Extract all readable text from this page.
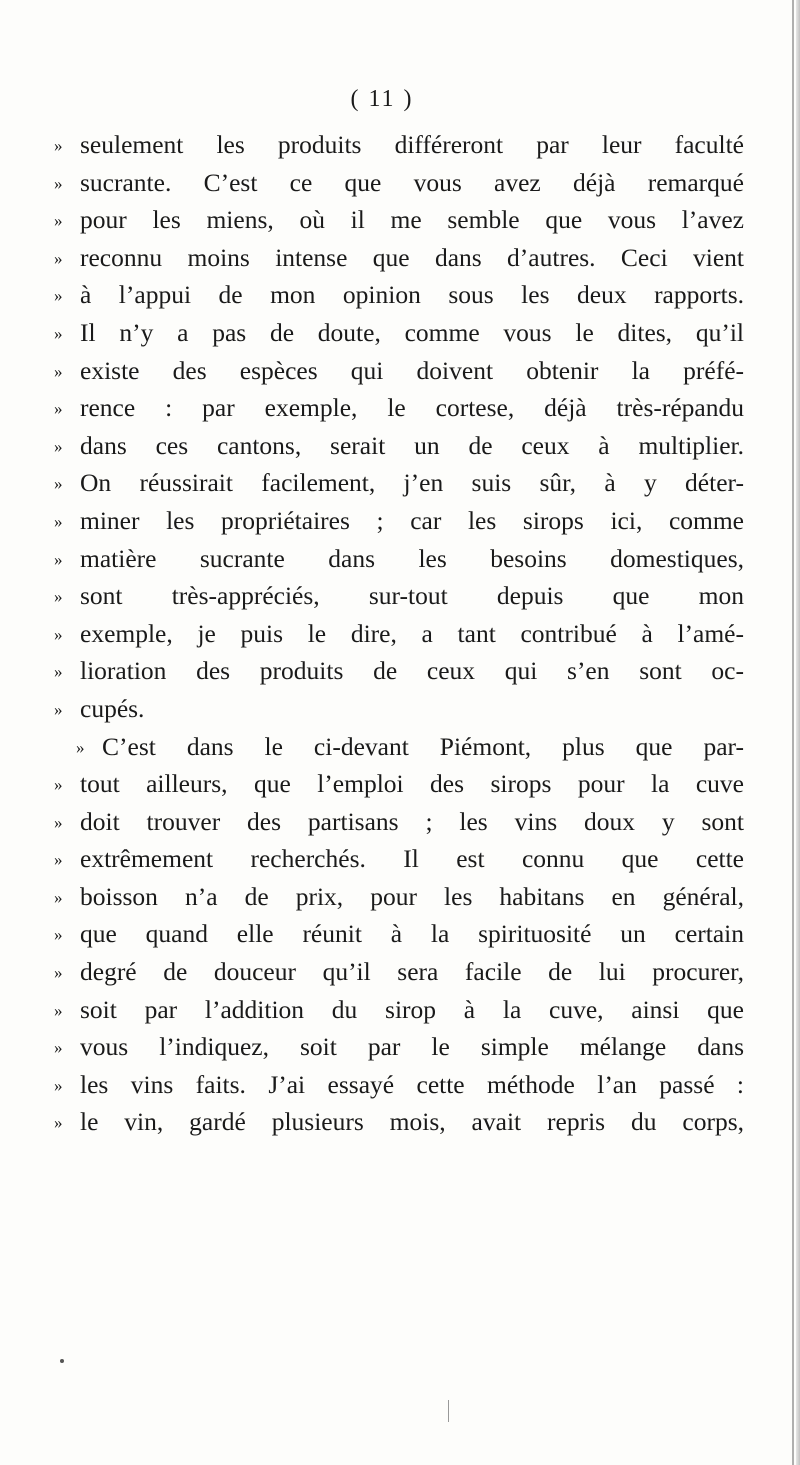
( 11 )
» seulement les produits différeront par leur faculté
» sucrante. C’est ce que vous avez déjà remarqué
» pour les miens, où il me semble que vous l’avez
» reconnu moins intense que dans d’autres. Ceci vient
» à l’appui de mon opinion sous les deux rapports.
» Il n’y a pas de doute, comme vous le dites, qu’il
» existe des espèces qui doivent obtenir la préfé-
» rence : par exemple, le cortese, déjà très-répandu
» dans ces cantons, serait un de ceux à multiplier.
» On réussirait facilement, j’en suis sûr, à y déter-
» miner les propriétaires ; car les sirops ici, comme
» matière sucrante dans les besoins domestiques,
» sont très-appréciés, sur-tout depuis que mon
» exemple, je puis le dire, a tant contribué à l’amé-
» lioration des produits de ceux qui s’en sont oc-
» cupés.
» C’est dans le ci-devant Piémont, plus que par-
» tout ailleurs, que l’emploi des sirops pour la cuve
» doit trouver des partisans ; les vins doux y sont
» extrêmement recherchés. Il est connu que cette
» boisson n’a de prix, pour les habitans en général,
» que quand elle réunit à la spirituosité un certain
» degré de douceur qu’il sera facile de lui procurer,
» soit par l’addition du sirop à la cuve, ainsi que
» vous l’indiquez, soit par le simple mélange dans
» les vins faits. J’ai essayé cette méthode l’an passé :
» le vin, gardé plusieurs mois, avait repris du corps,
